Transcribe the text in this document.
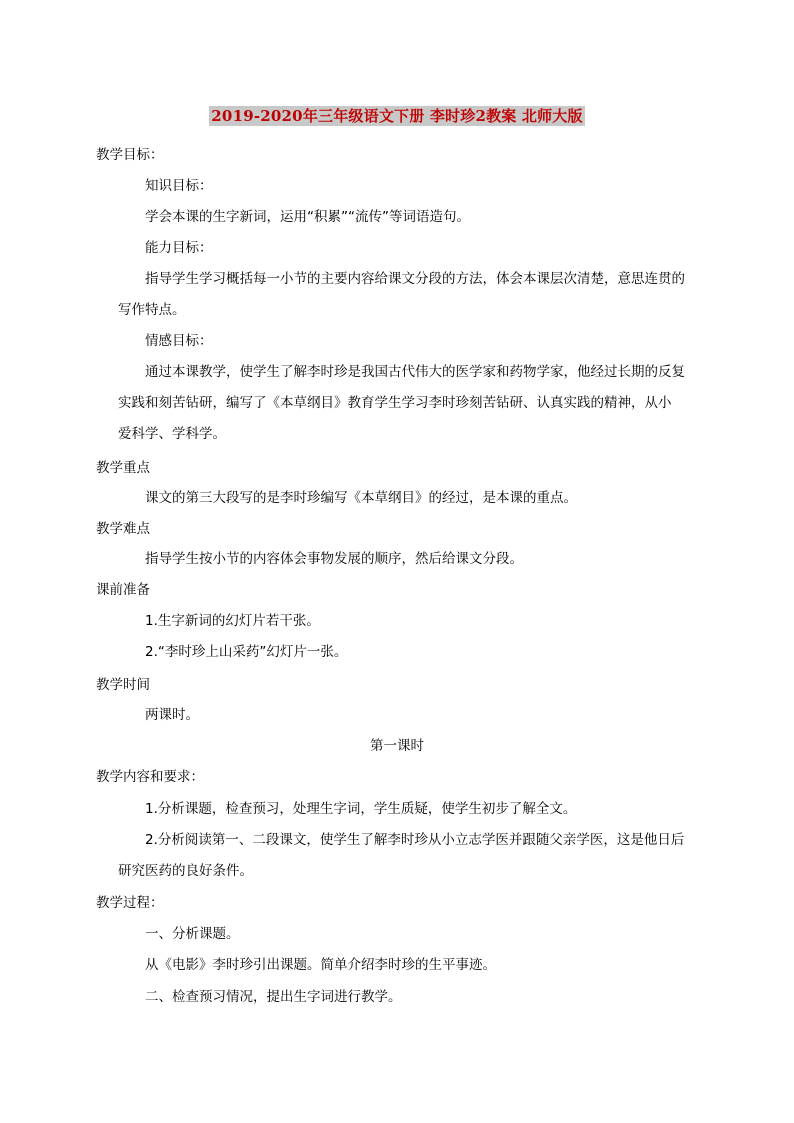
2019-2020年三年级语文下册 李时珍2教案 北师大版
教学目标：
知识目标：
学会本课的生字新词，运用“积累”“流传”等词语造句。
能力目标：
指导学生学习概括每一小节的主要内容给课文分段的方法，体会本课层次清楚，意思连贯的
写作特点。
情感目标：
通过本课教学，使学生了解李时珍是我国古代伟大的医学家和药物学家，他经过长期的反复
实践和刻苦钻研，编写了《本草纲目》教育学生学习李时珍刻苦钻研、认真实践的精神，从小
爱科学、学科学。
教学重点
课文的第三大段写的是李时珍编写《本草纲目》的经过，是本课的重点。
教学难点
指导学生按小节的内容体会事物发展的顺序，然后给课文分段。
课前准备
1.生字新词的幻灯片若干张。
2.“李时珍上山采药”幻灯片一张。
教学时间
两课时。
第一课时
教学内容和要求：
1.分析课题，检查预习，处理生字词，学生质疑，使学生初步了解全文。
2.分析阅读第一、二段课文，使学生了解李时珍从小立志学医并跟随父亲学医，这是他日后
研究医药的良好条件。
教学过程：
一、分析课题。
从《电影》李时珍引出课题。简单介绍李时珍的生平事迹。
二、检查预习情况，提出生字词进行教学。
